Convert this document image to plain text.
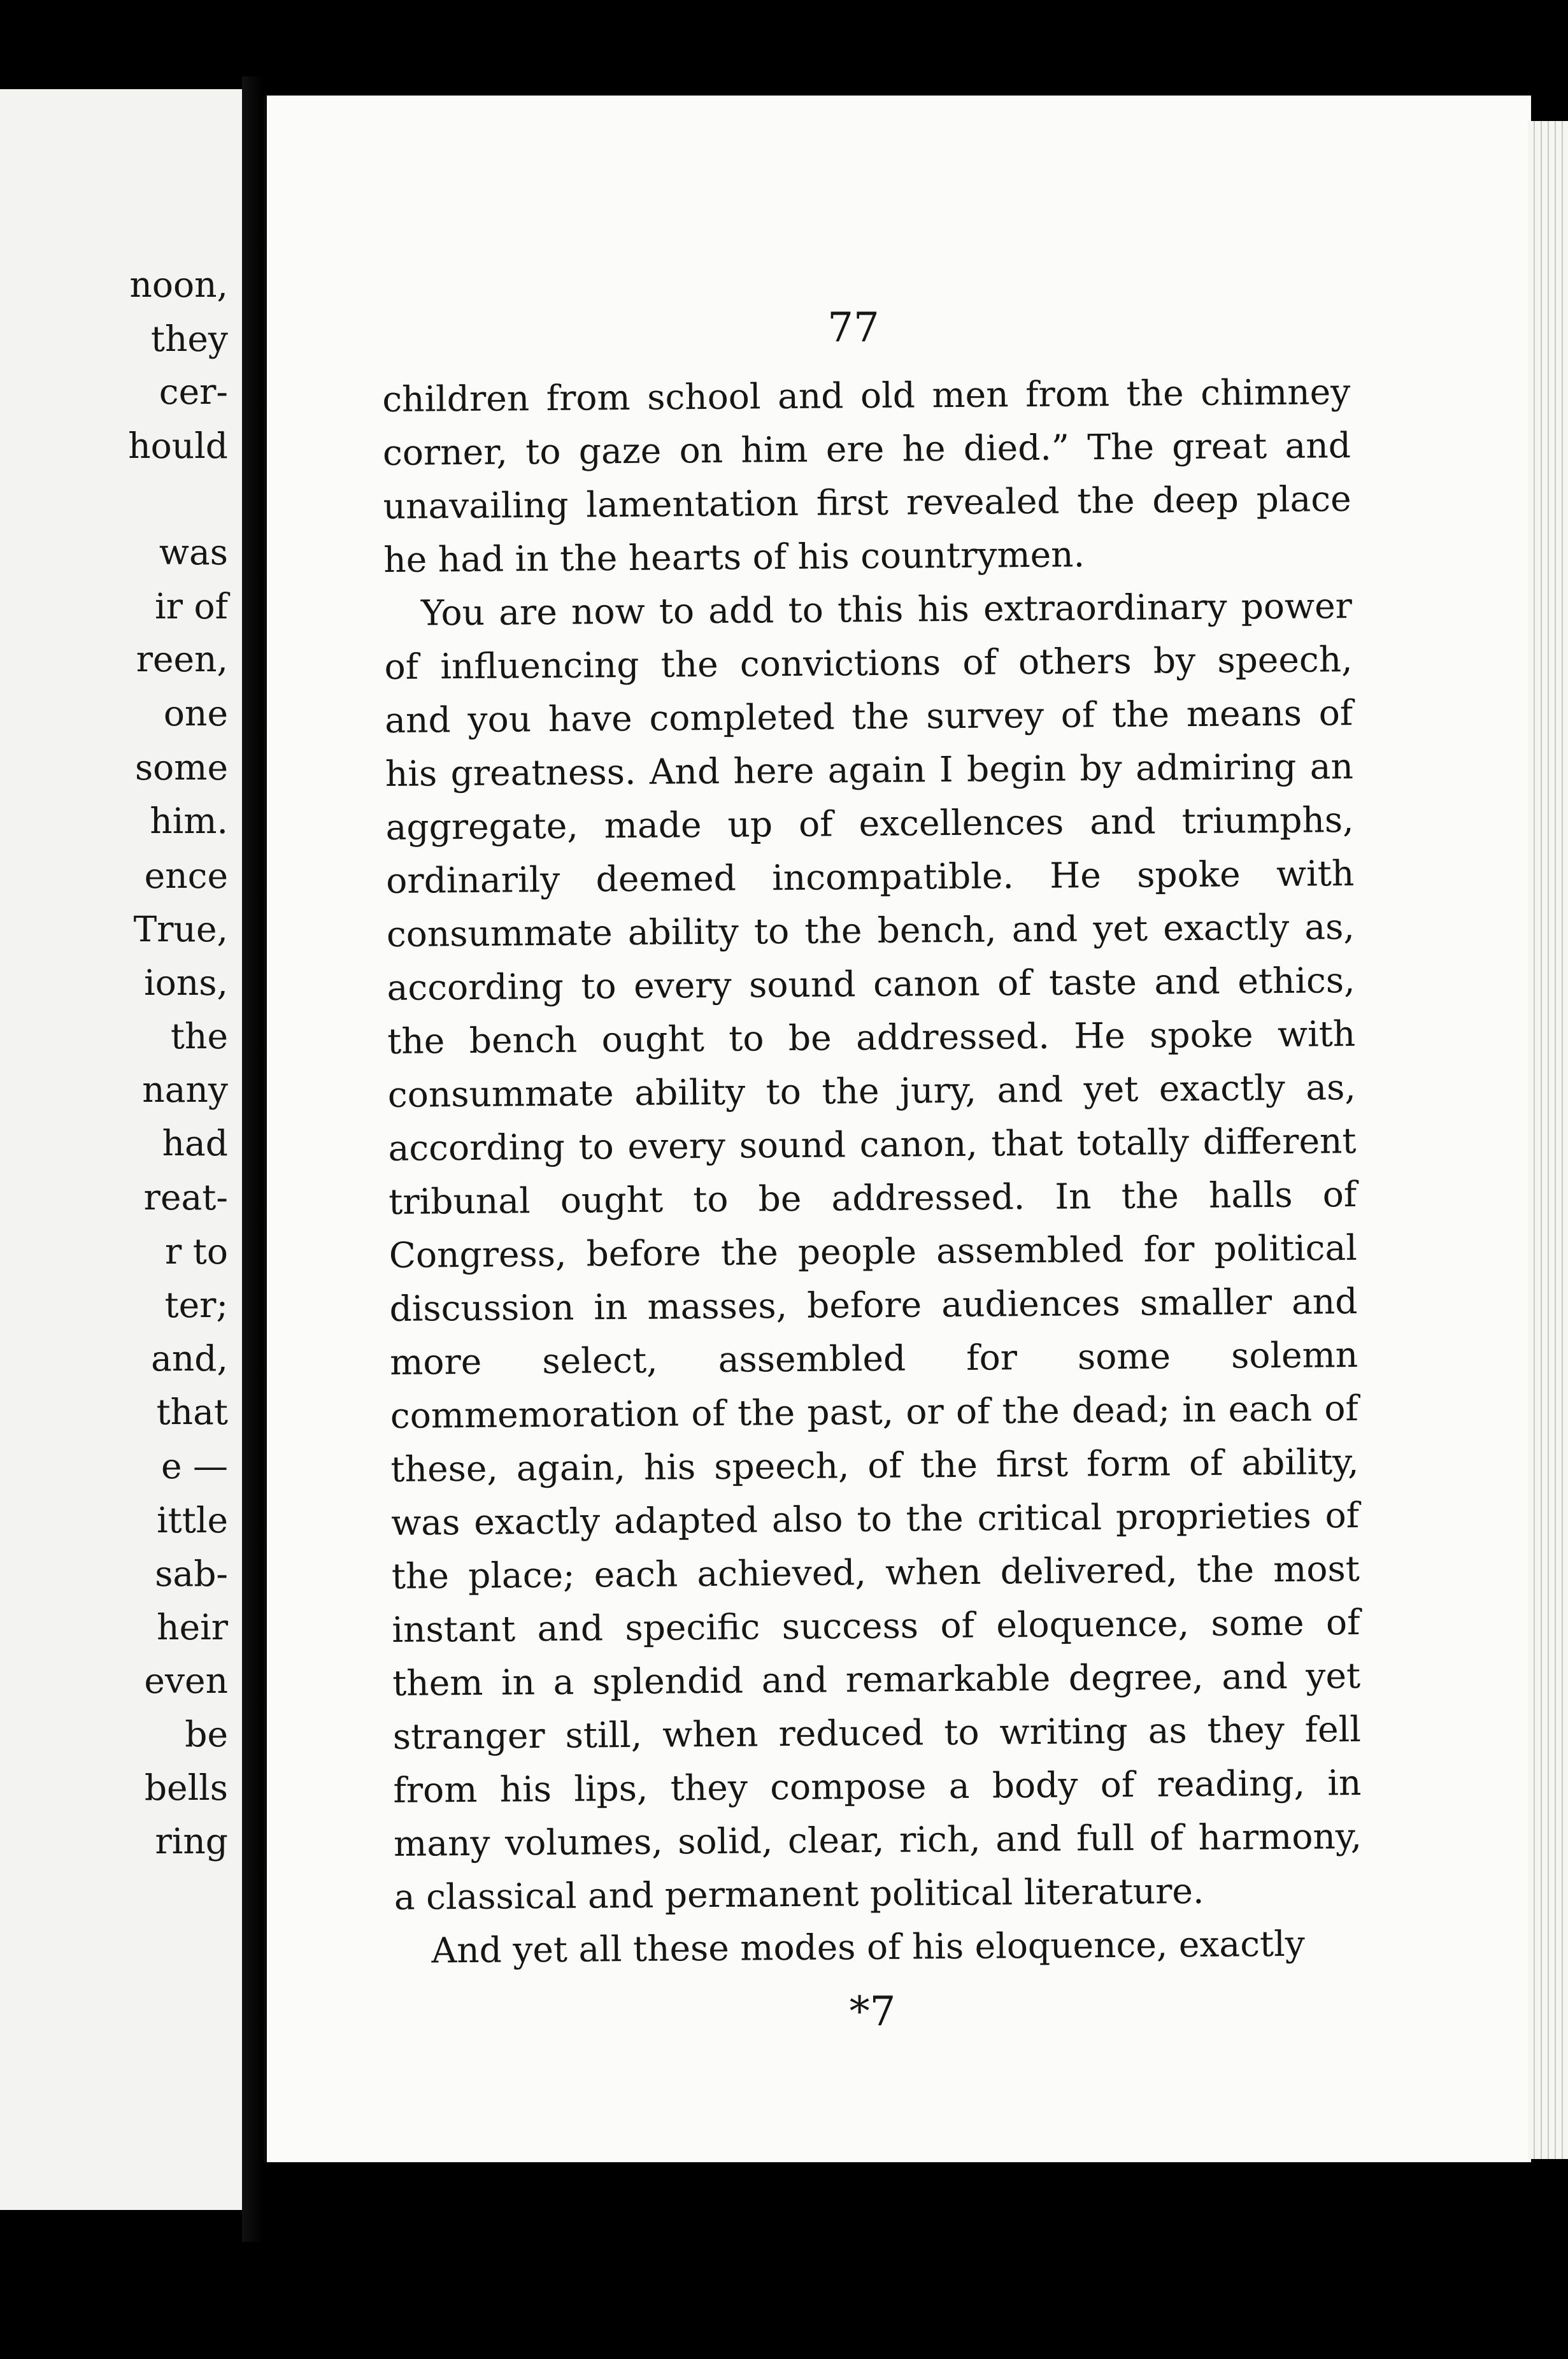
noon,
they
cer-
hould
was
ir of
reen,
one
some
him.
ence
True,
ions,
the
nany
had
reat-
r to
ter;
and,
that
e —
ittle
sab-
heir
even
be
bells
ring
77

children from school and old men from the chimney corner, to gaze on him ere he died.” The great and unavailing lamentation first revealed the deep place he had in the hearts of his countrymen.

You are now to add to this his extraordinary power of influencing the convictions of others by speech, and you have completed the survey of the means of his greatness. And here again I begin by admiring an aggregate, made up of excellences and triumphs, ordinarily deemed incompatible. He spoke with consummate ability to the bench, and yet exactly as, according to every sound canon of taste and ethics, the bench ought to be addressed. He spoke with consummate ability to the jury, and yet exactly as, according to every sound canon, that totally different tribunal ought to be addressed. In the halls of Congress, before the people assembled for political discussion in masses, before audiences smaller and more select, assembled for some solemn commemoration of the past, or of the dead; in each of these, again, his speech, of the first form of ability, was exactly adapted also to the critical proprieties of the place; each achieved, when delivered, the most instant and specific success of eloquence, some of them in a splendid and remarkable degree, and yet stranger still, when reduced to writing as they fell from his lips, they compose a body of reading, in many volumes, solid, clear, rich, and full of harmony, a classical and permanent political literature.

And yet all these modes of his eloquence, exactly

*7
